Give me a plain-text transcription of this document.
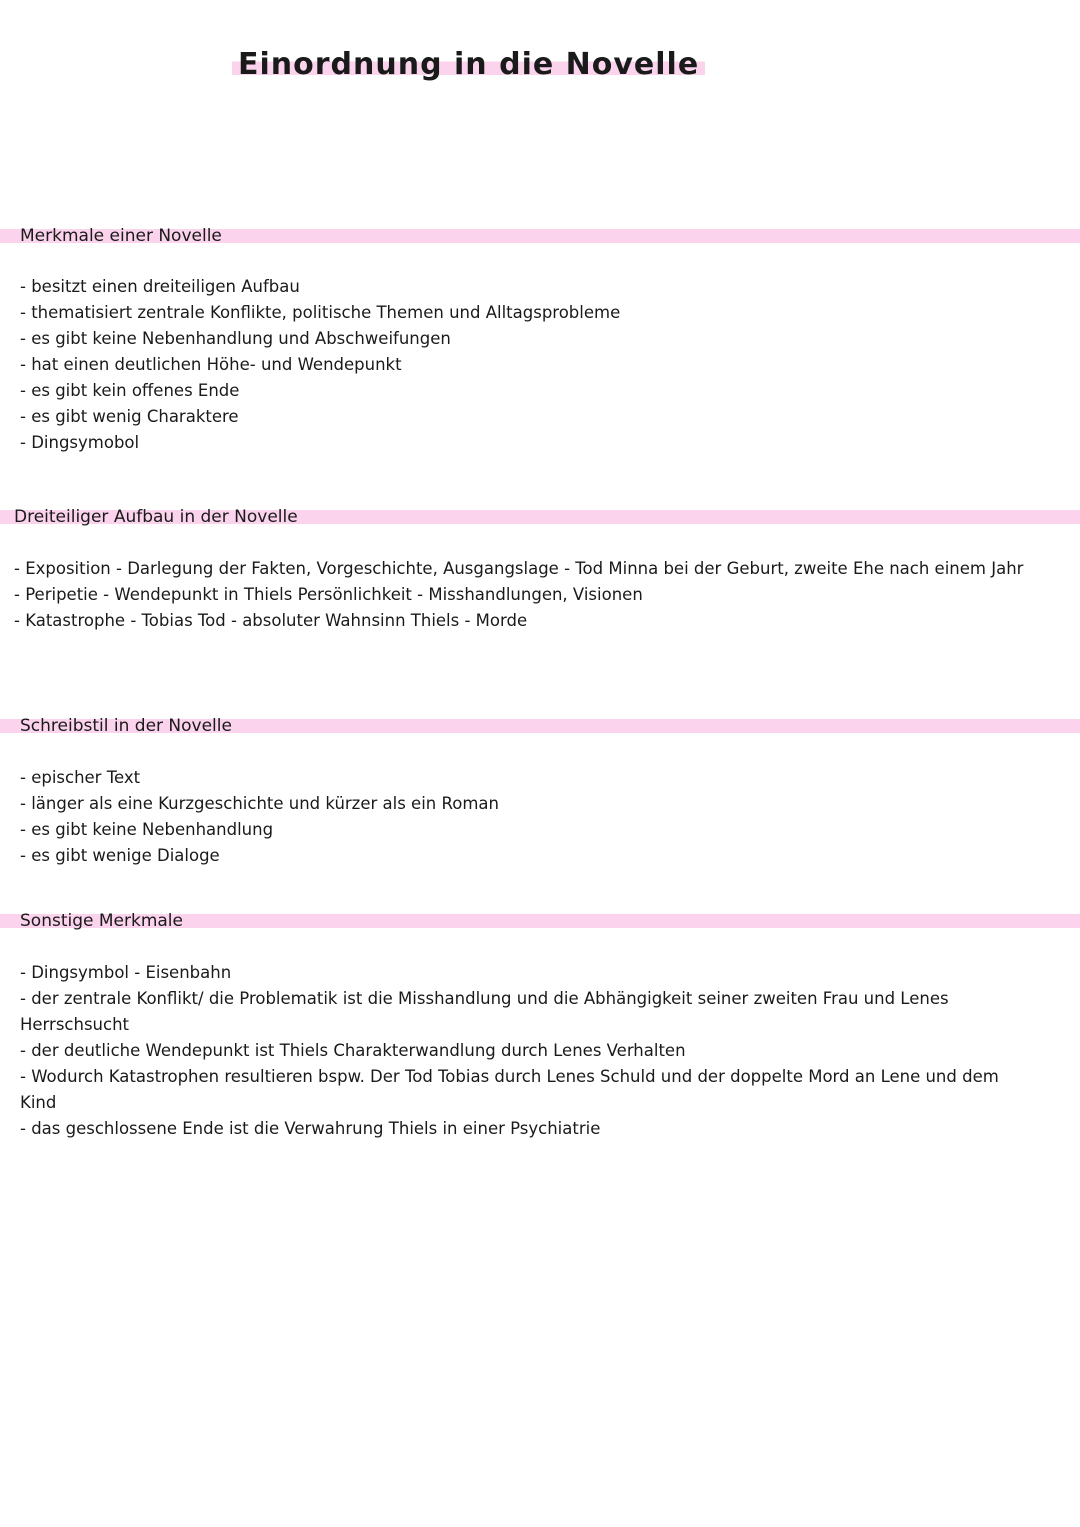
Einordnung in die Novelle
Merkmale einer Novelle
- besitzt einen dreiteiligen Aufbau
- thematisiert zentrale Konflikte, politische Themen und Alltagsprobleme
- es gibt keine Nebenhandlung und Abschweifungen
- hat einen deutlichen Höhe- und Wendepunkt
- es gibt kein offenes Ende
- es gibt wenig Charaktere
- Dingsymobol
Dreiteiliger Aufbau in der Novelle
- Exposition - Darlegung der Fakten, Vorgeschichte, Ausgangslage - Tod Minna bei der Geburt, zweite Ehe nach einem Jahr
- Peripetie - Wendepunkt in Thiels Persönlichkeit - Misshandlungen, Visionen
- Katastrophe - Tobias Tod - absoluter Wahnsinn Thiels - Morde
Schreibstil in der Novelle
- epischer Text
- länger als eine Kurzgeschichte und kürzer als ein Roman
- es gibt keine Nebenhandlung
- es gibt wenige Dialoge
Sonstige Merkmale
- Dingsymbol - Eisenbahn
- der zentrale Konflikt/ die Problematik ist die Misshandlung und die Abhängigkeit seiner zweiten Frau und Lenes Herrschsucht
- der deutliche Wendepunkt ist Thiels Charakterwandlung durch Lenes Verhalten
- Wodurch Katastrophen resultieren bspw. Der Tod Tobias durch Lenes Schuld und der doppelte Mord an Lene und dem Kind
- das geschlossene Ende ist die Verwahrung Thiels in einer Psychiatrie
